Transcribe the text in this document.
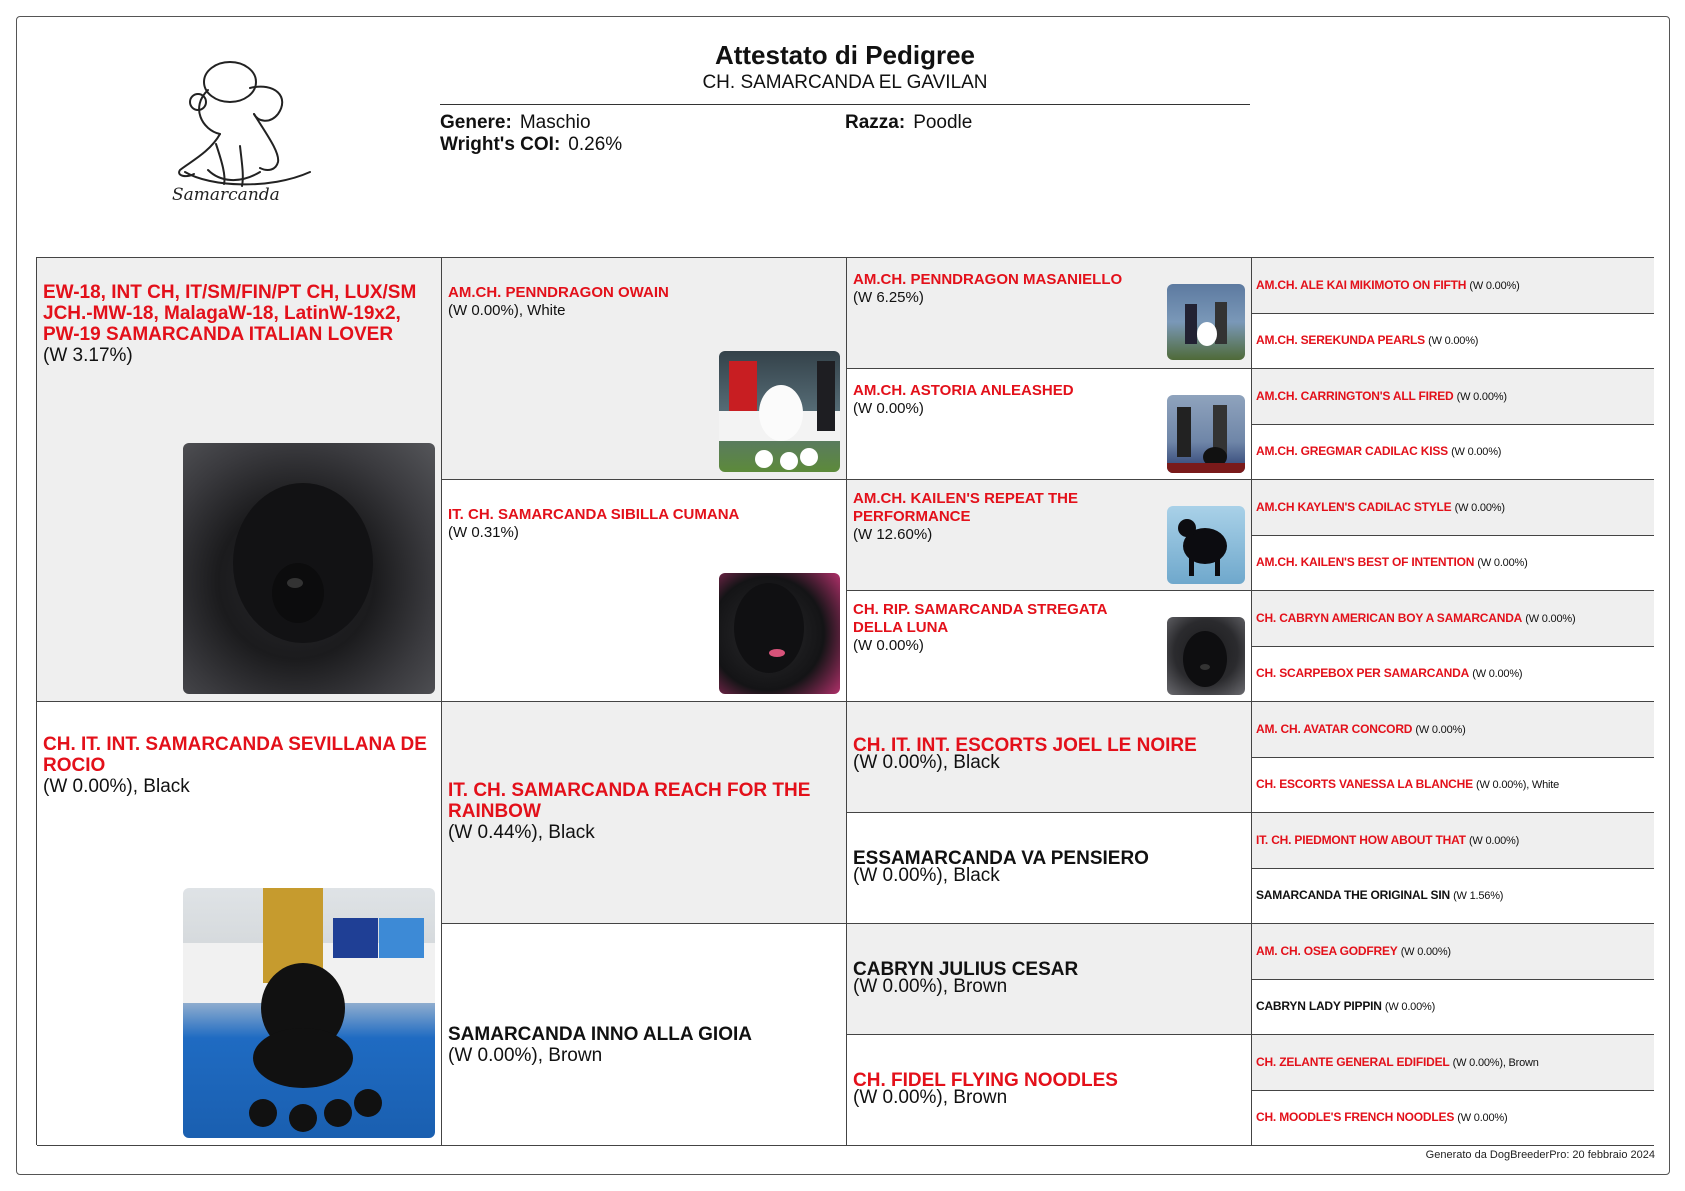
Samarcanda
Attestato di Pedigree
CH. SAMARCANDA EL GAVILAN
Genere: Maschio
Wright's COI: 0.26%
Razza: Poodle
EW-18, INT CH, IT/SM/FIN/PT CH, LUX/SM JCH.-MW-18, MalagaW-18, LatinW-19x2, PW-19 SAMARCANDA ITALIAN LOVER
(W 3.17%)
CH. IT. INT. SAMARCANDA SEVILLANA DE ROCIO
(W 0.00%), Black
AM.CH. PENNDRAGON OWAIN
(W 0.00%), White
IT. CH. SAMARCANDA SIBILLA CUMANA
(W 0.31%)
IT. CH. SAMARCANDA REACH FOR THE RAINBOW
(W 0.44%), Black
SAMARCANDA INNO ALLA GIOIA
(W 0.00%), Brown
AM.CH. PENNDRAGON MASANIELLO
(W 6.25%)
AM.CH. ASTORIA ANLEASHED
(W 0.00%)
AM.CH. KAILEN'S REPEAT THE PERFORMANCE
(W 12.60%)
CH. RIP. SAMARCANDA STREGATA DELLA LUNA
(W 0.00%)
CH. IT. INT. ESCORTS JOEL LE NOIRE
(W 0.00%), Black
ESSAMARCANDA VA PENSIERO
(W 0.00%), Black
CABRYN JULIUS CESAR
(W 0.00%), Brown
CH. FIDEL FLYING NOODLES
(W 0.00%), Brown
AM.CH. ALE KAI MIKIMOTO ON FIFTH (W 0.00%)
AM.CH. SEREKUNDA PEARLS (W 0.00%)
AM.CH. CARRINGTON'S ALL FIRED (W 0.00%)
AM.CH. GREGMAR CADILAC KISS (W 0.00%)
AM.CH KAYLEN'S CADILAC STYLE (W 0.00%)
AM.CH. KAILEN'S BEST OF INTENTION (W 0.00%)
CH. CABRYN AMERICAN BOY A SAMARCANDA (W 0.00%)
CH. SCARPEBOX PER SAMARCANDA (W 0.00%)
AM. CH. AVATAR CONCORD (W 0.00%)
CH. ESCORTS VANESSA LA BLANCHE (W 0.00%), White
IT. CH. PIEDMONT HOW ABOUT THAT (W 0.00%)
SAMARCANDA THE ORIGINAL SIN (W 1.56%)
AM. CH. OSEA GODFREY (W 0.00%)
CABRYN LADY PIPPIN (W 0.00%)
CH. ZELANTE GENERAL EDIFIDEL (W 0.00%), Brown
CH. MOODLE'S FRENCH NOODLES (W 0.00%)
Generato da DogBreederPro: 20 febbraio 2024
